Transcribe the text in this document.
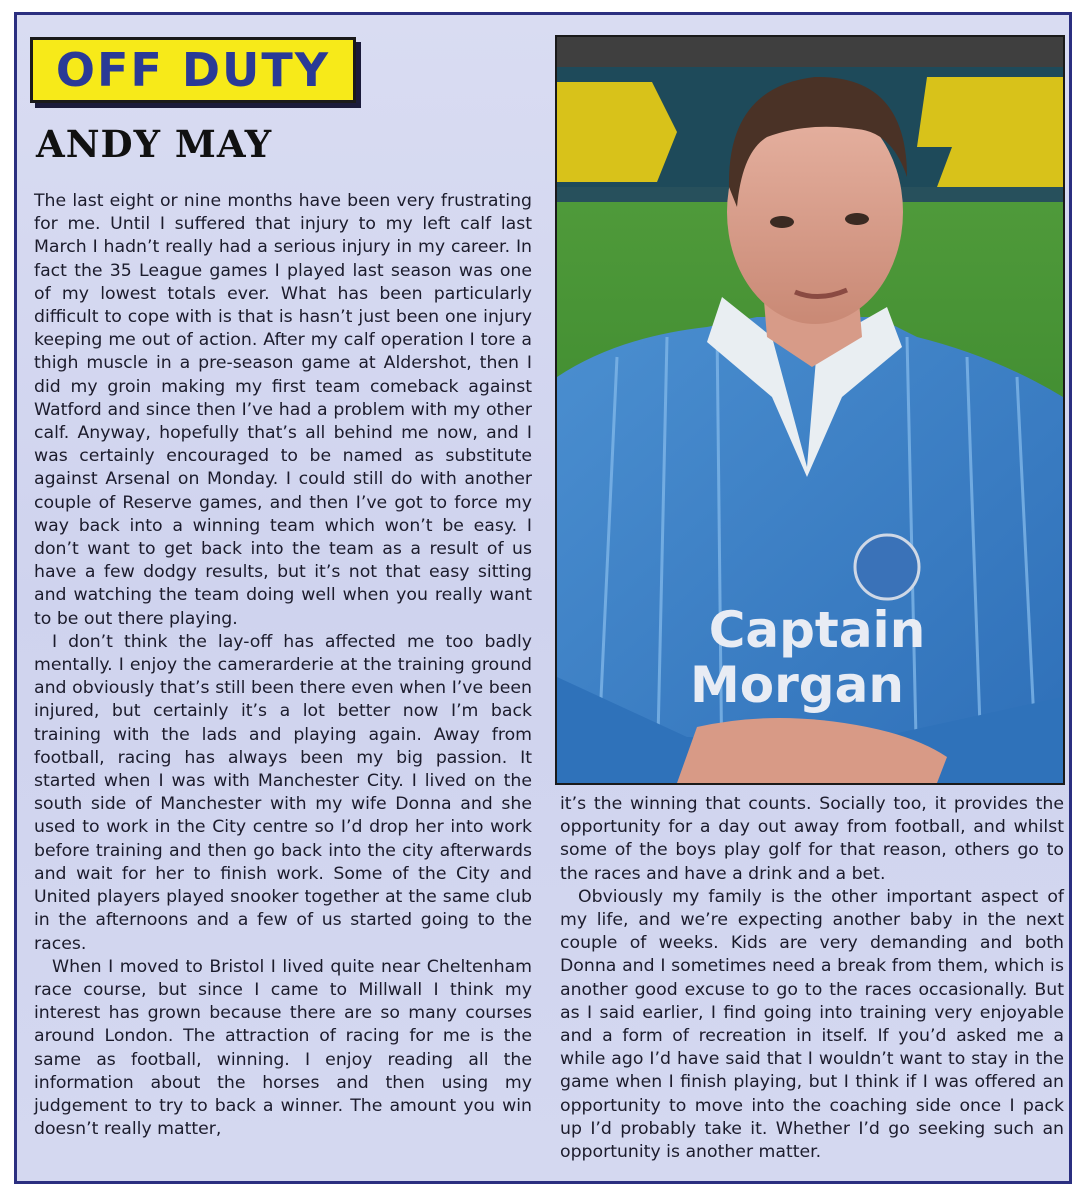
OFF DUTY
ANDY MAY

The last eight or nine months have been very frustrating for me. Until I suffered that injury to my left calf last March I hadn’t really had a serious injury in my career. In fact the 35 League games I played last season was one of my lowest totals ever. What has been particularly difficult to cope with is that is hasn’t just been one injury keeping me out of action. After my calf operation I tore a thigh muscle in a pre-season game at Aldershot, then I did my groin making my first team comeback against Watford and since then I’ve had a problem with my other calf. Anyway, hopefully that’s all behind me now, and I was certainly encouraged to be named as substitute against Arsenal on Monday. I could still do with another couple of Reserve games, and then I’ve got to force my way back into a winning team which won’t be easy. I don’t want to get back into the team as a result of us have a few dodgy results, but it’s not that easy sitting and watching the team doing well when you really want to be out there playing.

I don’t think the lay-off has affected me too badly mentally. I enjoy the camerarderie at the training ground and obviously that’s still been there even when I’ve been injured, but certainly it’s a lot better now I’m back training with the lads and playing again. Away from football, racing has always been my big passion. It started when I was with Manchester City. I lived on the south side of Manchester with my wife Donna and she used to work in the City centre so I’d drop her into work before training and then go back into the city afterwards and wait for her to finish work. Some of the City and United players played snooker together at the same club in the afternoons and a few of us started going to the races.

When I moved to Bristol I lived quite near Cheltenham race course, but since I came to Millwall I think my interest has grown because there are so many courses around London. The attraction of racing for me is the same as football, winning. I enjoy reading all the information about the horses and then using my judgement to try to back a winner. The amount you win doesn’t really matter,

Captain
Morgan

it’s the winning that counts. Socially too, it provides the opportunity for a day out away from football, and whilst some of the boys play golf for that reason, others go to the races and have a drink and a bet.

Obviously my family is the other important aspect of my life, and we’re expecting another baby in the next couple of weeks. Kids are very demanding and both Donna and I sometimes need a break from them, which is another good excuse to go to the races occasionally. But as I said earlier, I find going into training very enjoyable and a form of recreation in itself. If you’d asked me a while ago I’d have said that I wouldn’t want to stay in the game when I finish playing, but I think if I was offered an opportunity to move into the coaching side once I pack up I’d probably take it. Whether I’d go seeking such an opportunity is another matter.
